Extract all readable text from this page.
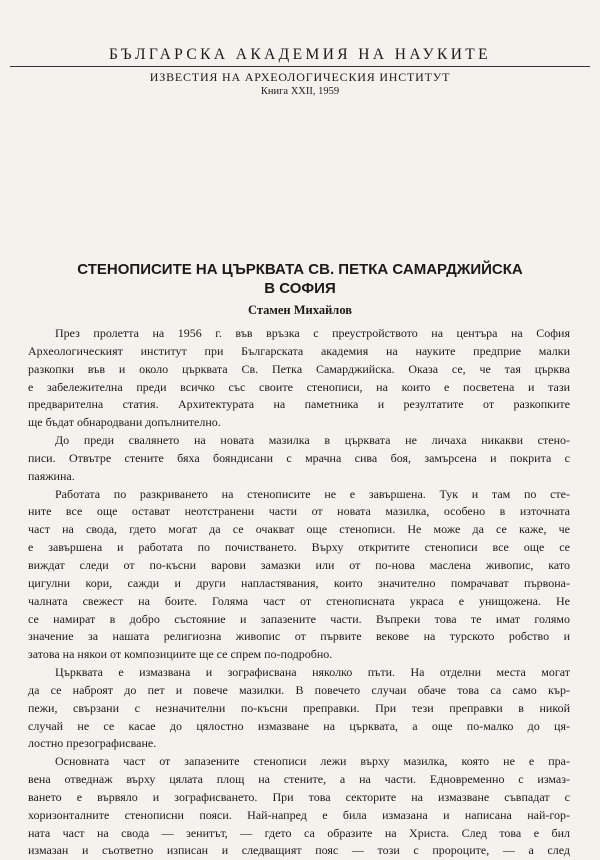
БЪЛГАРСКА АКАДЕМИЯ НА НАУКИТЕ
ИЗВЕСТИЯ НА АРХЕОЛОГИЧЕСКИЯ ИНСТИТУТ
Книга XXII, 1959
СТЕНОПИСИТЕ НА ЦЪРКВАТА СВ. ПЕТКА САМАРДЖИЙСКА
В СОФИЯ
Стамен Михайлов

През пролетта на 1956 г. във връзка с преустройството на центъра на София

Археологическият институт при Българската академия на науките предприе малки

разкопки във и около църквата Св. Петка Самарджийска. Оказа се, че тая църква

е забележителна преди всичко със своите стенописи, на които е посветена и тази

предварителна статия. Архитектурата на паметника и резултатите от разкопките

ще бъдат обнародвани допълнително.

До преди свалянето на новата мазилка в църквата не личаха никакви стено-

писи. Отвътре стените бяха бояндисани с мрачна сива боя, замърсена и покрита с

паяжина.

Работата по разкриването на стенописите не е завършена. Тук и там по сте-

ните все още остават неотстранени части от новата мазилка, особено в източната

част на свода, гдето могат да се очакват още стенописи. Не може да се каже, че

е завършена и работата по почистването. Върху откритите стенописи все още се

виждат следи от по-късни варови замазки или от по-нова маслена живопис, като

цигулни кори, сажди и други напластявания, които значително помрачават първона-

чалната свежест на боите. Голяма част от стенописната украса е унищожена. Не

се намират в добро състояние и запазените части. Въпреки това те имат голямо

значение за нашата религиозна живопис от първите векове на турското робство и

затова на някои от композициите ще се спрем по-подробно.

Църквата е измазвана и зографисвана няколко пъти. На отделни места могат

да се наброят до пет и повече мазилки. В повечето случаи обаче това са само кър-

пежи, свързани с незначителни по-късни преправки. При тези преправки в никой

случай не се касае до цялостно измазване на църквата, а още по-малко до ця-

лостно презографисване.

Основната част от запазените стенописи лежи върху мазилка, която не е пра-

вена отведнаж върху цялата площ на стените, а на части. Едновременно с измаз-

ването е вървяло и зографисването. При това секторите на измазване съвпадат с

хоризонталните стенописни пояси. Най-напред е била измазана и написана най-гор-

ната част на свода — зенитът, — гдето са образите на Христа. След това е бил

измазан и съответно изписан и следващият пояс — този с пророците, — а след
